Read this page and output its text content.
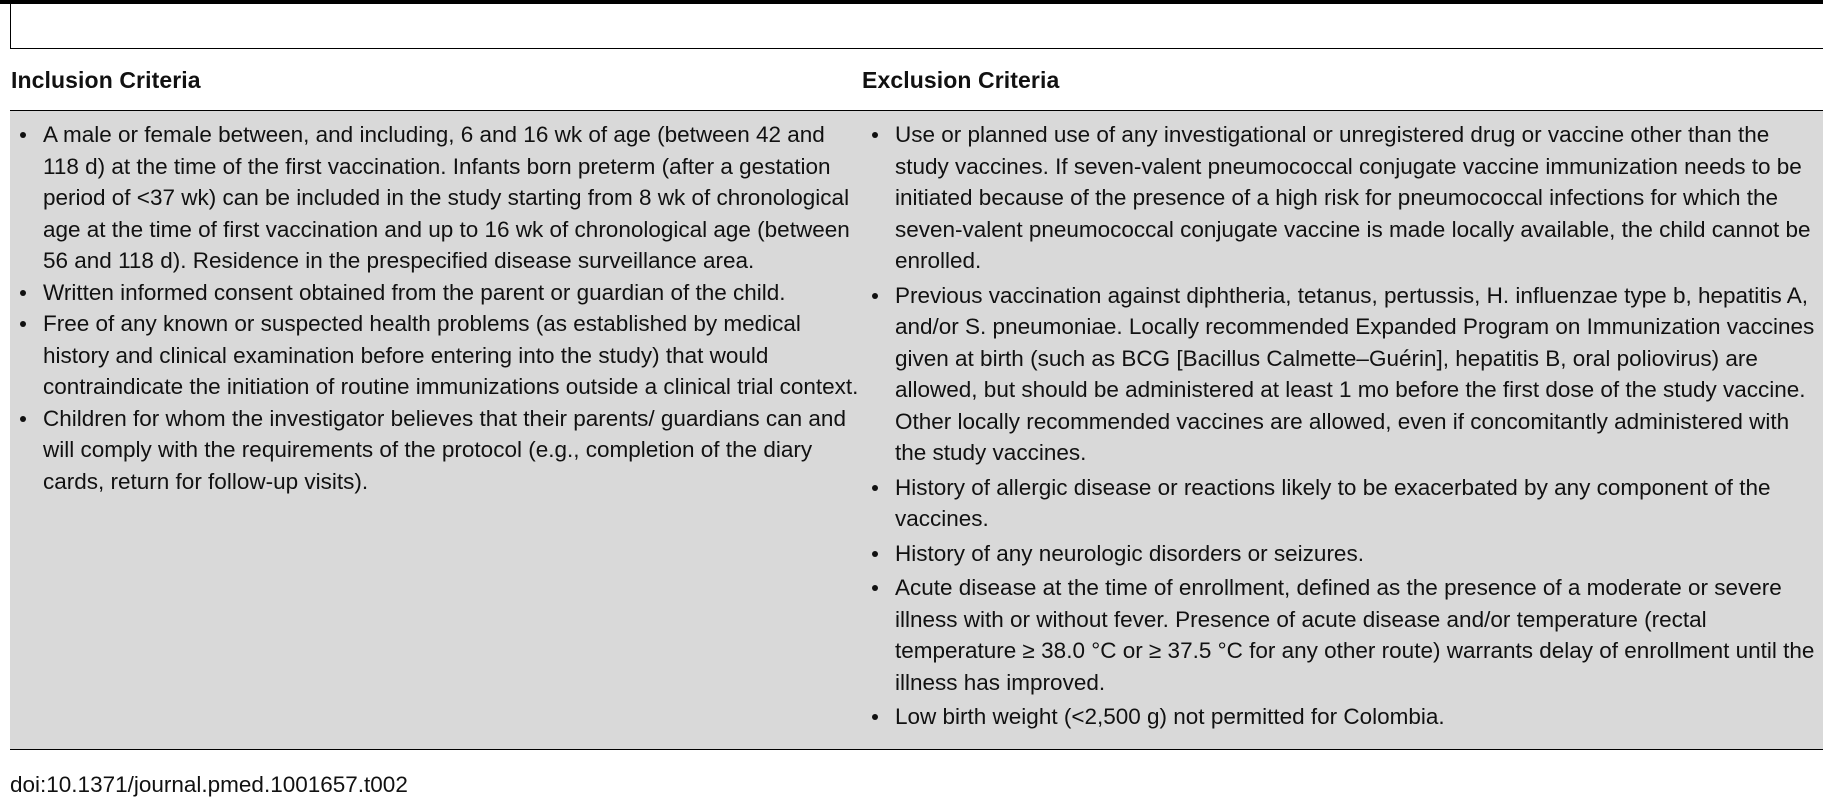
Inclusion Criteria	Exclusion Criteria
A male or female between, and including, 6 and 16 wk of age (between 42 and 118 d) at the time of the first vaccination. Infants born preterm (after a gestation period of <37 wk) can be included in the study starting from 8 wk of chronological age at the time of first vaccination and up to 16 wk of chronological age (between 56 and 118 d). Residence in the prespecified disease surveillance area.
Written informed consent obtained from the parent or guardian of the child.
Free of any known or suspected health problems (as established by medical history and clinical examination before entering into the study) that would contraindicate the initiation of routine immunizations outside a clinical trial context.
Children for whom the investigator believes that their parents/ guardians can and will comply with the requirements of the protocol (e.g., completion of the diary cards, return for follow-up visits).
Use or planned use of any investigational or unregistered drug or vaccine other than the study vaccines. If seven-valent pneumococcal conjugate vaccine immunization needs to be initiated because of the presence of a high risk for pneumococcal infections for which the seven-valent pneumococcal conjugate vaccine is made locally available, the child cannot be enrolled.
Previous vaccination against diphtheria, tetanus, pertussis, H. influenzae type b, hepatitis A, and/or S. pneumoniae. Locally recommended Expanded Program on Immunization vaccines given at birth (such as BCG [Bacillus Calmette–Guérin], hepatitis B, oral poliovirus) are allowed, but should be administered at least 1 mo before the first dose of the study vaccine. Other locally recommended vaccines are allowed, even if concomitantly administered with the study vaccines.
History of allergic disease or reactions likely to be exacerbated by any component of the vaccines.
History of any neurologic disorders or seizures.
Acute disease at the time of enrollment, defined as the presence of a moderate or severe illness with or without fever. Presence of acute disease and/or temperature (rectal temperature ≥ 38.0 °C or ≥ 37.5 °C for any other route) warrants delay of enrollment until the illness has improved.
Low birth weight (<2,500 g) not permitted for Colombia.
doi:10.1371/journal.pmed.1001657.t002
